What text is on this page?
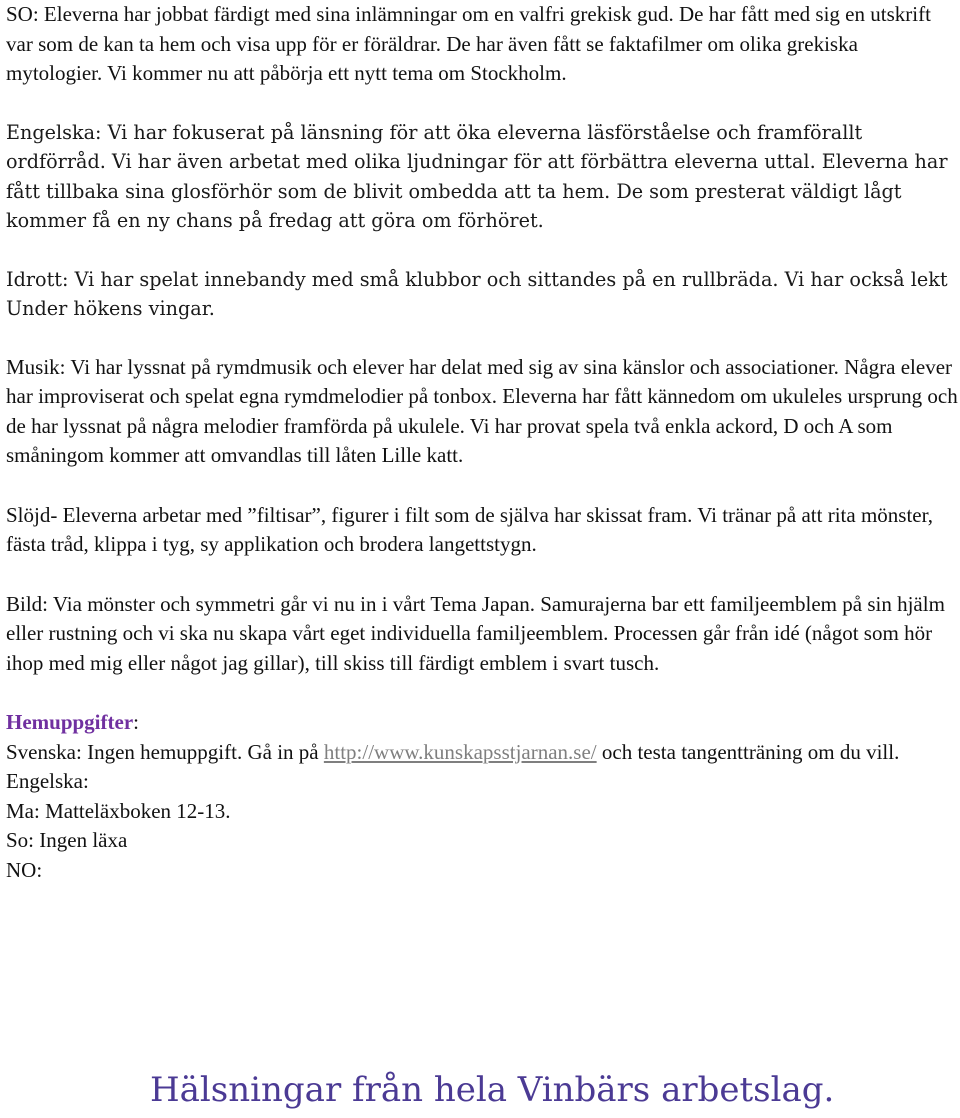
SO: Eleverna har jobbat färdigt med sina inlämningar om en valfri grekisk gud. De har fått med sig en utskrift var som de kan ta hem och visa upp för er föräldrar. De har även fått se faktafilmer om olika grekiska mytologier. Vi kommer nu att påbörja ett nytt tema om Stockholm.

Engelska: Vi har fokuserat på länsning för att öka eleverna läsförståelse och framförallt ordförråd. Vi har även arbetat med olika ljudningar för att förbättra eleverna uttal. Eleverna har fått tillbaka sina glosförhör som de blivit ombedda att ta hem. De som presterat väldigt lågt kommer få en ny chans på fredag att göra om förhöret.

Idrott: Vi har spelat innebandy med små klubbor och sittandes på en rullbräda. Vi har också lekt Under hökens vingar.

Musik: Vi har lyssnat på rymdmusik och elever har delat med sig av sina känslor och associationer. Några elever har improviserat och spelat egna rymdmelodier på tonbox. Eleverna har fått kännedom om ukuleles ursprung och de har lyssnat på några melodier framförda på ukulele. Vi har provat spela två enkla ackord, D och A som småningom kommer att omvandlas till låten Lille katt.

Slöjd- Eleverna arbetar med ”filtisar”, figurer i filt som de själva har skissat fram. Vi tränar på att rita mönster, fästa tråd, klippa i tyg, sy applikation och brodera langettstygn.

Bild: Via mönster och symmetri går vi nu in i vårt Tema Japan. Samurajerna bar ett familjeemblem på sin hjälm eller rustning och vi ska nu skapa vårt eget individuella familjeemblem. Processen går från idé (något som hör ihop med mig eller något jag gillar), till skiss till färdigt emblem i svart tusch.

Hemuppgifter:
Svenska: Ingen hemuppgift. Gå in på http://www.kunskapsstjarnan.se/ och testa tangentträning om du vill.
Engelska:
Ma: Matteläxboken 12-13.
So: Ingen läxa
NO:

Hälsningar från hela Vinbärs arbetslag.
